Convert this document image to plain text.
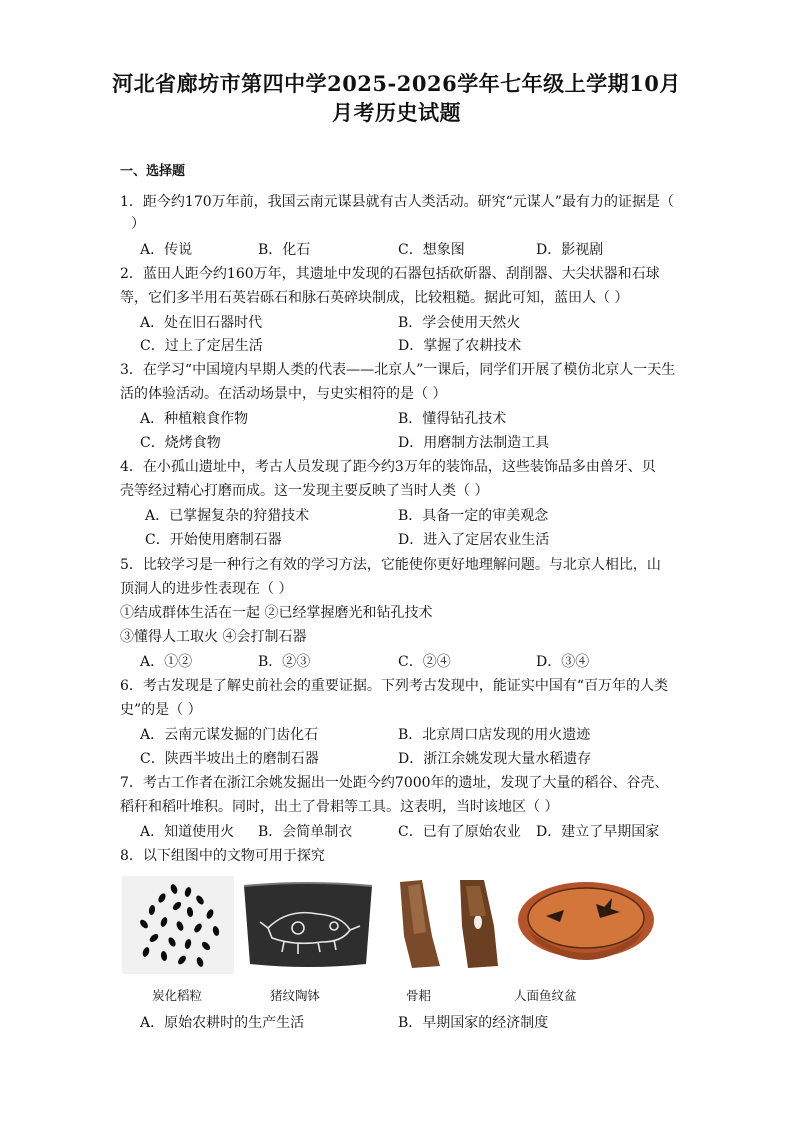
河北省廊坊市第四中学2025-2026学年七年级上学期10月
月考历史试题
一、选择题
1．距今约170万年前，我国云南元谋县就有古人类活动。研究“元谋人”最有力的证据是（
）
A．传说	B．化石	C．想象图	D．影视剧
2．蓝田人距今约160万年，其遗址中发现的石器包括砍斫器、刮削器、大尖状器和石球
等，它们多半用石英岩砾石和脉石英碎块制成，比较粗糙。据此可知，蓝田人（ ）
A．处在旧石器时代	B．学会使用天然火
C．过上了定居生活	D．掌握了农耕技术
3．在学习“中国境内早期人类的代表——北京人”一课后，同学们开展了模仿北京人一天生
活的体验活动。在活动场景中，与史实相符的是（ ）
A．种植粮食作物	B．懂得钻孔技术
C．烧烤食物	D．用磨制方法制造工具
4．在小孤山遗址中，考古人员发现了距今约3万年的装饰品，这些装饰品多由兽牙、贝
壳等经过精心打磨而成。这一发现主要反映了当时人类（ ）
A．已掌握复杂的狩猎技术	B．具备一定的审美观念
C．开始使用磨制石器	D．进入了定居农业生活
5．比较学习是一种行之有效的学习方法，它能使你更好地理解问题。与北京人相比，山
顶洞人的进步性表现在（ ）
①结成群体生活在一起 ②已经掌握磨光和钻孔技术
③懂得人工取火 ④会打制石器
A．①②	B．②③	C．②④	D．③④
6．考古发现是了解史前社会的重要证据。下列考古发现中，能证实中国有“百万年的人类
史”的是（ ）
A．云南元谋发掘的门齿化石	B．北京周口店发现的用火遗迹
C．陕西半坡出土的磨制石器	D．浙江余姚发现大量水稻遗存
7．考古工作者在浙江余姚发掘出一处距今约7000年的遗址，发现了大量的稻谷、谷壳、
稻秆和稻叶堆积。同时，出土了骨耜等工具。这表明，当时该地区（ ）
A．知道使用火 B．会简单制衣	C．已有了原始农业 D．建立了早期国家
8．以下组图中的文物可用于探究
炭化稻粒	猪纹陶钵	骨耜	人面鱼纹盆
A．原始农耕时的生产生活	B．早期国家的经济制度
